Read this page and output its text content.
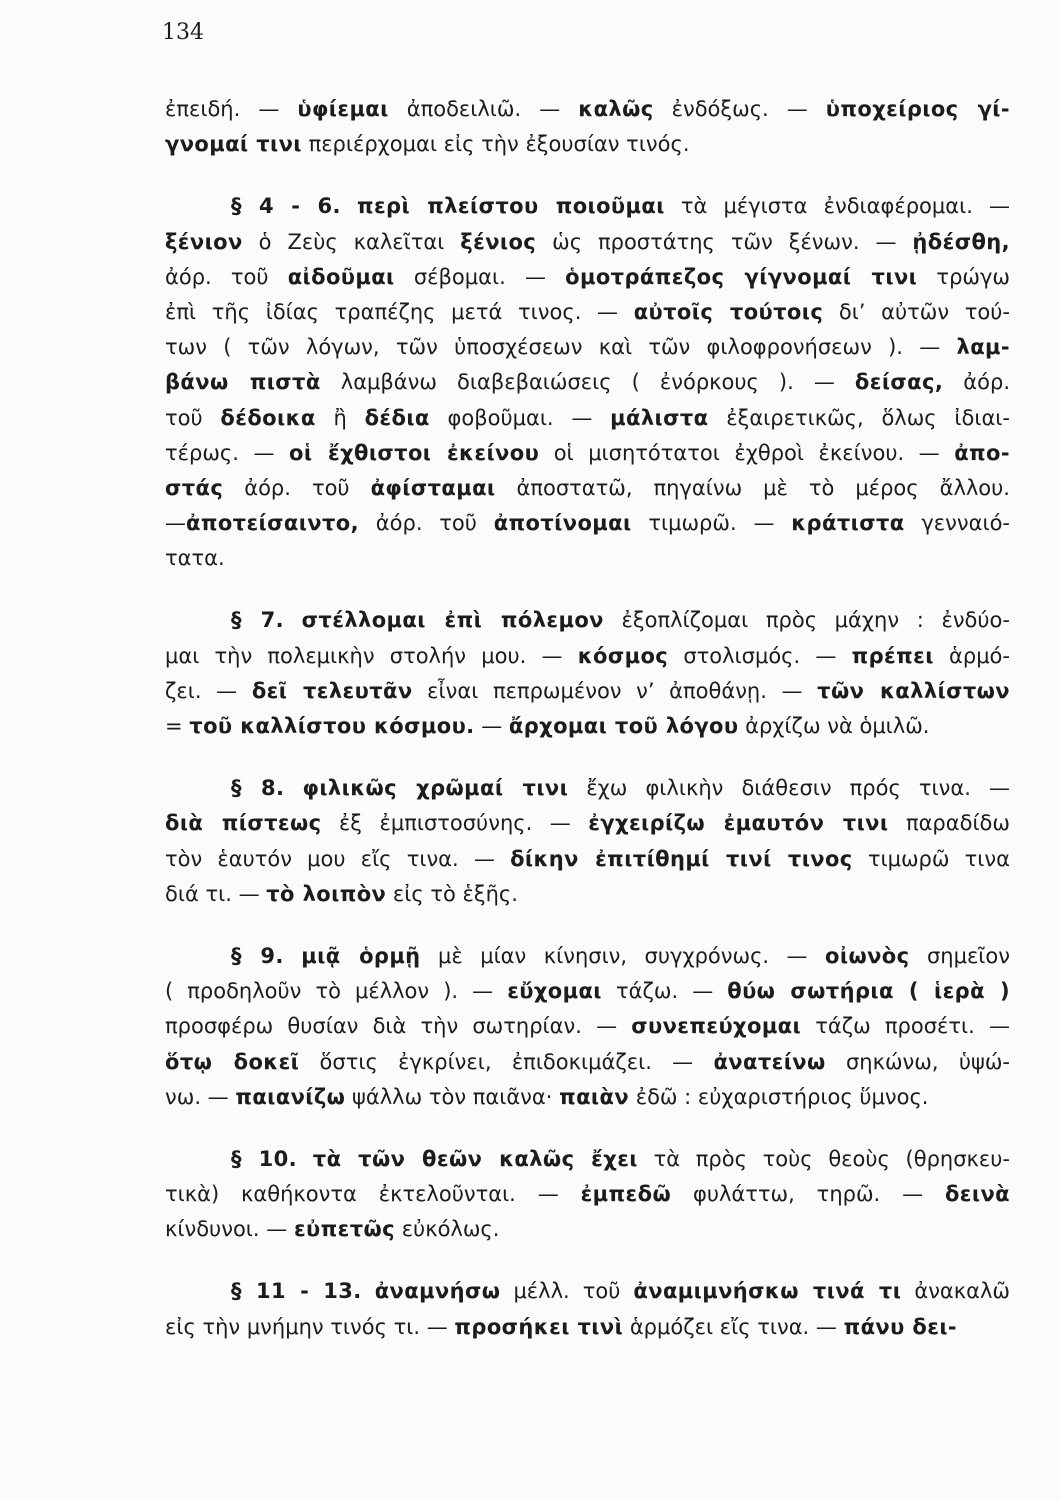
134
ἐπειδή. — ὑφίεμαι ἀποδειλιῶ. — καλῶς ἐνδόξως. — ὑποχείριος γί-
γνομαί τινι περιέρχομαι εἰς τὴν ἐξουσίαν τινός.
§ 4 - 6. περὶ πλείστου ποιοῦμαι τὰ μέγιστα ἐνδιαφέρομαι. —
ξένιον ὁ Ζεὺς καλεῖται ξένιος ὡς προστάτης τῶν ξένων. — ᾐδέσθη,
ἀόρ. τοῦ αἰδοῦμαι σέβομαι. — ὁμοτράπεζος γίγνομαί τινι τρώγω
ἐπὶ τῆς ἰδίας τραπέζης μετά τινος. — αὐτοῖς τούτοις δι’ αὐτῶν τού-
των ( τῶν λόγων, τῶν ὑποσχέσεων καὶ τῶν φιλοφρονήσεων ). — λαμ-
βάνω πιστὰ λαμβάνω διαβεβαιώσεις ( ἐνόρκους ). — δείσας, ἀόρ.
τοῦ δέδοικα ἢ δέδια φοβοῦμαι. — μάλιστα ἐξαιρετικῶς, ὅλως ἰδιαι-
τέρως. — οἱ ἔχθιστοι ἐκείνου οἱ μισητότατοι ἐχθροὶ ἐκείνου. — ἀπο-
στάς ἀόρ. τοῦ ἀφίσταμαι ἀποστατῶ, πηγαίνω μὲ τὸ μέρος ἄλλου.
—ἀποτείσαιντο, ἀόρ. τοῦ ἀποτίνομαι τιμωρῶ. — κράτιστα γενναιό-
τατα.
§ 7. στέλλομαι ἐπὶ πόλεμον ἐξοπλίζομαι πρὸς μάχην : ἐνδύο-
μαι τὴν πολεμικὴν στολήν μου. — κόσμος στολισμός. — πρέπει ἁρμό-
ζει. — δεῖ τελευτᾶν εἶναι πεπρωμένον ν’ ἀποθάνῃ. — τῶν καλλίστων
= τοῦ καλλίστου κόσμου. — ἄρχομαι τοῦ λόγου ἀρχίζω νὰ ὁμιλῶ.
§ 8. φιλικῶς χρῶμαί τινι ἔχω φιλικὴν διάθεσιν πρός τινα. —
διὰ πίστεως ἐξ ἐμπιστοσύνης. — ἐγχειρίζω ἐμαυτόν τινι παραδίδω
τὸν ἑαυτόν μου εἴς τινα. — δίκην ἐπιτίθημί τινί τινος τιμωρῶ τινα
διά τι. — τὸ λοιπὸν εἰς τὸ ἑξῆς.
§ 9. μιᾷ ὁρμῇ μὲ μίαν κίνησιν, συγχρόνως. — οἰωνὸς σημεῖον
( προδηλοῦν τὸ μέλλον ). — εὔχομαι τάζω. — θύω σωτήρια ( ἱερὰ )
προσφέρω θυσίαν διὰ τὴν σωτηρίαν. — συνεπεύχομαι τάζω προσέτι. —
ὅτῳ δοκεῖ ὅστις ἐγκρίνει, ἐπιδοκιμάζει. — ἀνατείνω σηκώνω, ὑψώ-
νω. — παιανίζω ψάλλω τὸν παιᾶνα· παιὰν ἐδῶ : εὐχαριστήριος ὕμνος.
§ 10. τὰ τῶν θεῶν καλῶς ἔχει τὰ πρὸς τοὺς θεοὺς (θρησκευ-
τικὰ) καθήκοντα ἐκτελοῦνται. — ἐμπεδῶ φυλάττω, τηρῶ. — δεινὰ
κίνδυνοι. — εὐπετῶς εὐκόλως.
§ 11 - 13. ἀναμνήσω μέλλ. τοῦ ἀναμιμνήσκω τινά τι ἀνακαλῶ
εἰς τὴν μνήμην τινός τι. — προσήκει τινὶ ἁρμόζει εἴς τινα. — πάνυ δει-
